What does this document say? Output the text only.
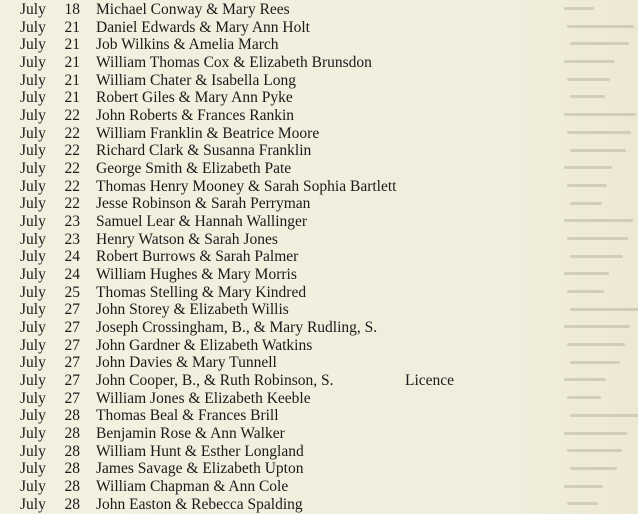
July	18 Michael Conway & Mary Rees
July	21 Daniel Edwards & Mary Ann Holt
July	21 Job Wilkins & Amelia March
July	21 William Thomas Cox & Elizabeth Brunsdon
July	21 William Chater & Isabella Long
July	21 Robert Giles & Mary Ann Pyke
July	22 John Roberts & Frances Rankin
July	22 William Franklin & Beatrice Moore
July	22 Richard Clark & Susanna Franklin
July	22 George Smith & Elizabeth Pate
July	22 Thomas Henry Mooney & Sarah Sophia Bartlett
July	22 Jesse Robinson & Sarah Perryman
July	23 Samuel Lear & Hannah Wallinger
July	23 Henry Watson & Sarah Jones
July	24 Robert Burrows & Sarah Palmer
July	24 William Hughes & Mary Morris
July	25 Thomas Stelling & Mary Kindred
July	27 John Storey & Elizabeth Willis
July	27 Joseph Crossingham, B., & Mary Rudling, S.
July	27 John Gardner & Elizabeth Watkins
July	27 John Davies & Mary Tunnell
July	27 John Cooper, B., & Ruth Robinson, S.	Licence
July	27 William Jones & Elizabeth Keeble
July	28 Thomas Beal & Frances Brill
July	28 Benjamin Rose & Ann Walker
July	28 William Hunt & Esther Longland
July	28 James Savage & Elizabeth Upton
July	28 William Chapman & Ann Cole
July	28 John Easton & Rebecca Spalding
